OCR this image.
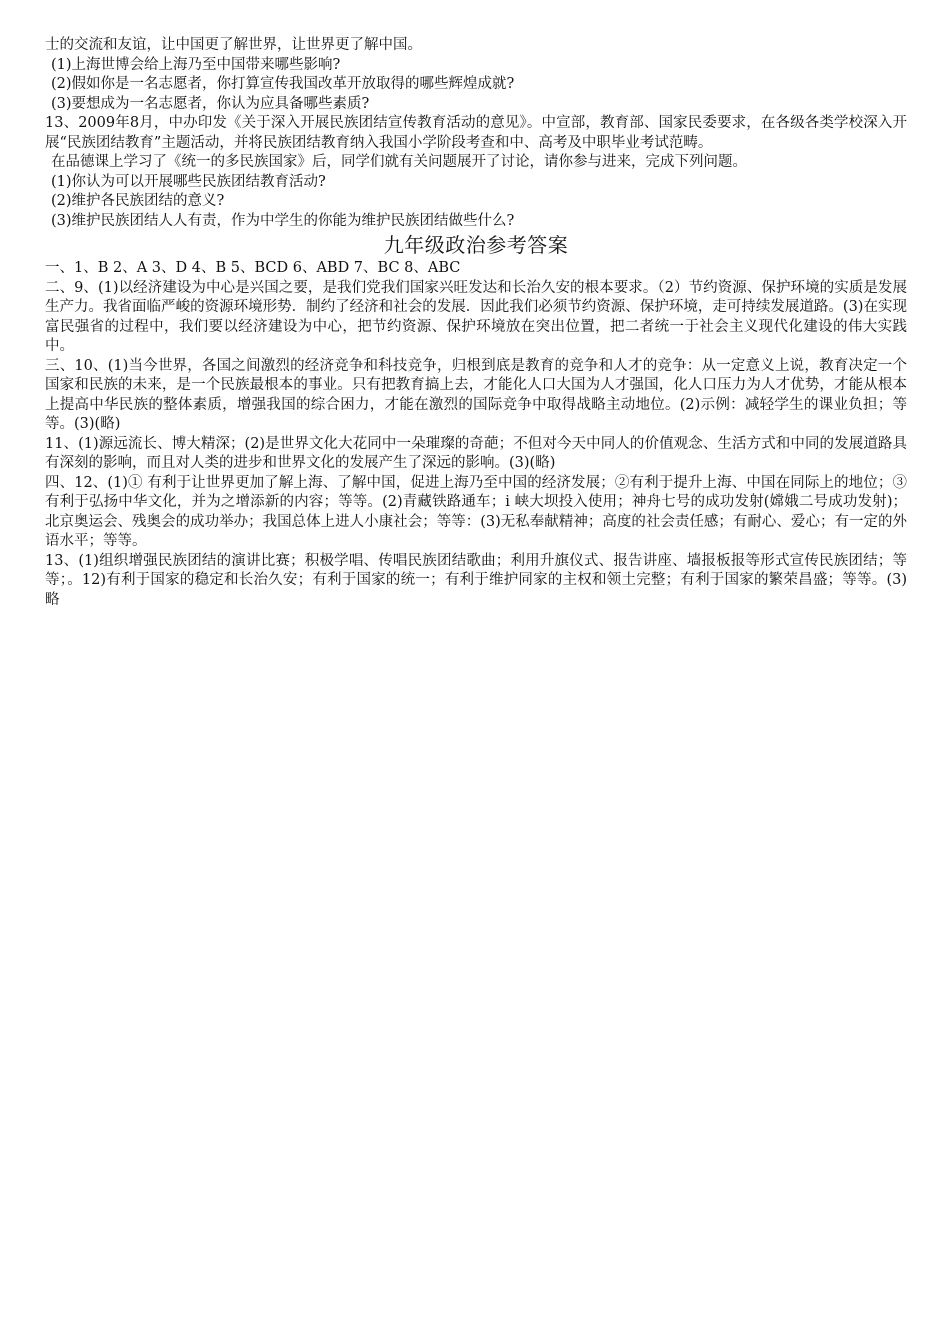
士的交流和友谊，让中国更了解世界，让世界更了解中国。

(1)上海世博会给上海乃至中国带来哪些影响?

(2)假如你是一名志愿者，你打算宣传我国改革开放取得的哪些辉煌成就?

(3)要想成为一名志愿者，你认为应具备哪些素质?

13、2009年8月，中办印发《关于深入开展民族团结宣传教育活动的意见》。中宣部，教育部、国家民委要求，在各级各类学校深入开展“民族团结教育”主题活动，并将民族团结教育纳入我国小学阶段考查和中、高考及中职毕业考试范畴。

在品德课上学习了《统一的多民族国家》后，同学们就有关问题展开了讨论，请你参与进来，完成下列问题。

(1)你认为可以开展哪些民族团结教育活动?

(2)维护各民族团结的意义?

(3)维护民族团结人人有责，作为中学生的你能为维护民族团结做些什么?

九年级政治参考答案

一、1、B 2、A 3、D 4、B 5、BCD 6、ABD 7、BC 8、ABC

二、9、(1)以经济建设为中心是兴国之要，是我们党我们国家兴旺发达和长治久安的根本要求。（2）节约资源、保护环境的实质是发展生产力。我省面临严峻的资源环境形势．制约了经济和社会的发展．因此我们必须节约资源、保护环境，走可持续发展道路。(3)在实现富民强省的过程中，我们要以经济建设为中心，把节约资源、保护环境放在突出位置，把二者统一于社会主义现代化建设的伟大实践中。

三、10、(1)当今世界，各国之间激烈的经济竞争和科技竞争，归根到底是教育的竞争和人才的竞争：从一定意义上说，教育决定一个国家和民族的未来，是一个民族最根本的事业。只有把教育搞上去，才能化人口大国为人才强国，化人口压力为人才优势，才能从根本上提高中华民族的整体素质，增强我国的综合困力，才能在激烈的国际竞争中取得战略主动地位。(2)示例：减轻学生的课业负担；等等。(3)(略)

11、(1)源远流长、博大精深；(2)是世界文化大花同中一朵璀璨的奇葩；不但对今天中同人的价值观念、生活方式和中同的发展道路具有深刻的影响，而且对人类的进步和世界文化的发展产生了深远的影响。(3)(略)

四、12、(1)① 有利于让世界更加了解上海、了解中国，促进上海乃至中国的经济发展；②有利于提升上海、中国在同际上的地位；③有利于弘扬中华文化，并为之增添新的内容；等等。(2)青藏铁路通车；i 峡大坝投入使用；神舟七号的成功发射(嫦娥二号成功发射)；北京奥运会、残奥会的成功举办；我国总体上进人小康社会；等等：(3)无私奉献精神；高度的社会责任感；有耐心、爱心；有一定的外语水平；等等。

13、(1)组织增强民族团结的演讲比赛；积极学唱、传唱民族团结歌曲；利用升旗仪式、报告讲座、墙报板报等形式宣传民族团结；等等；。12)有利于国家的稳定和长治久安；有利于国家的统一；有利于维护同家的主权和领土完整；有利于国家的繁荣昌盛；等等。(3)略
